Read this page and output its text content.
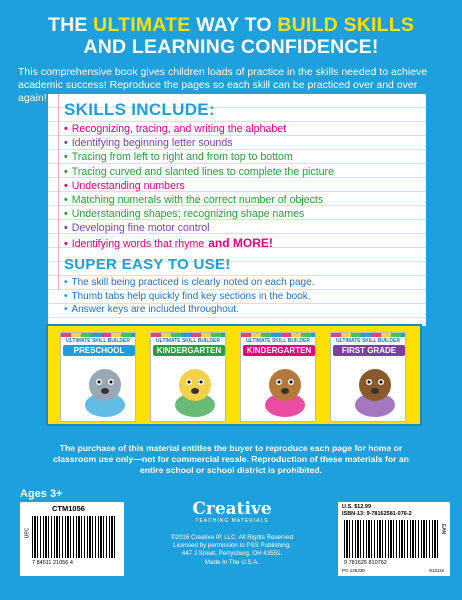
THE ULTIMATE WAY TO BUILD SKILLS
AND LEARNING CONFIDENCE!
This comprehensive book gives children loads of practice in the skills needed to achieve academic success! Reproduce the pages so each skill can be practiced over and over again!
SKILLS INCLUDE:
• Recognizing, tracing, and writing the alphabet
• Identifying beginning letter sounds
• Tracing from left to right and from top to bottom
• Tracing curved and slanted lines to complete the picture
• Understanding numbers
• Matching numerals with the correct number of objects
• Understanding shapes; recognizing shape names
• Developing fine motor control
• Identifying words that rhyme and MORE!
SUPER EASY TO USE!
• The skill being practiced is clearly noted on each page.
• Thumb tabs help quickly find key sections in the book.
• Answer keys are included throughout.
ULTIMATE SKILL BUILDER
PRESCHOOL
ULTIMATE SKILL BUILDER
KINDERGARTEN
ULTIMATE SKILL BUILDER
KINDERGARTEN
ULTIMATE SKILL BUILDER
FIRST GRADE
The purchase of this material entitles the buyer to reproduce each page for home or classroom use only—not for commercial resale. Reproduction of these materials for an entire school or school district is prohibited.
Ages 3+
CTM1056
UPC
7 84511 21056 4
Creative
TEACHING MATERIALS
©2016 Creative IP, LLC. All Rights Reserved
Licensed by permission to PSS Publishing,
447 J Street, Perrysburg, OH 43551.
Made In The U.S.A.
U.S. $12.99
ISBN-13: 9-78162581-076-2
EAN
9 781625 810762
PO 125330	013115
